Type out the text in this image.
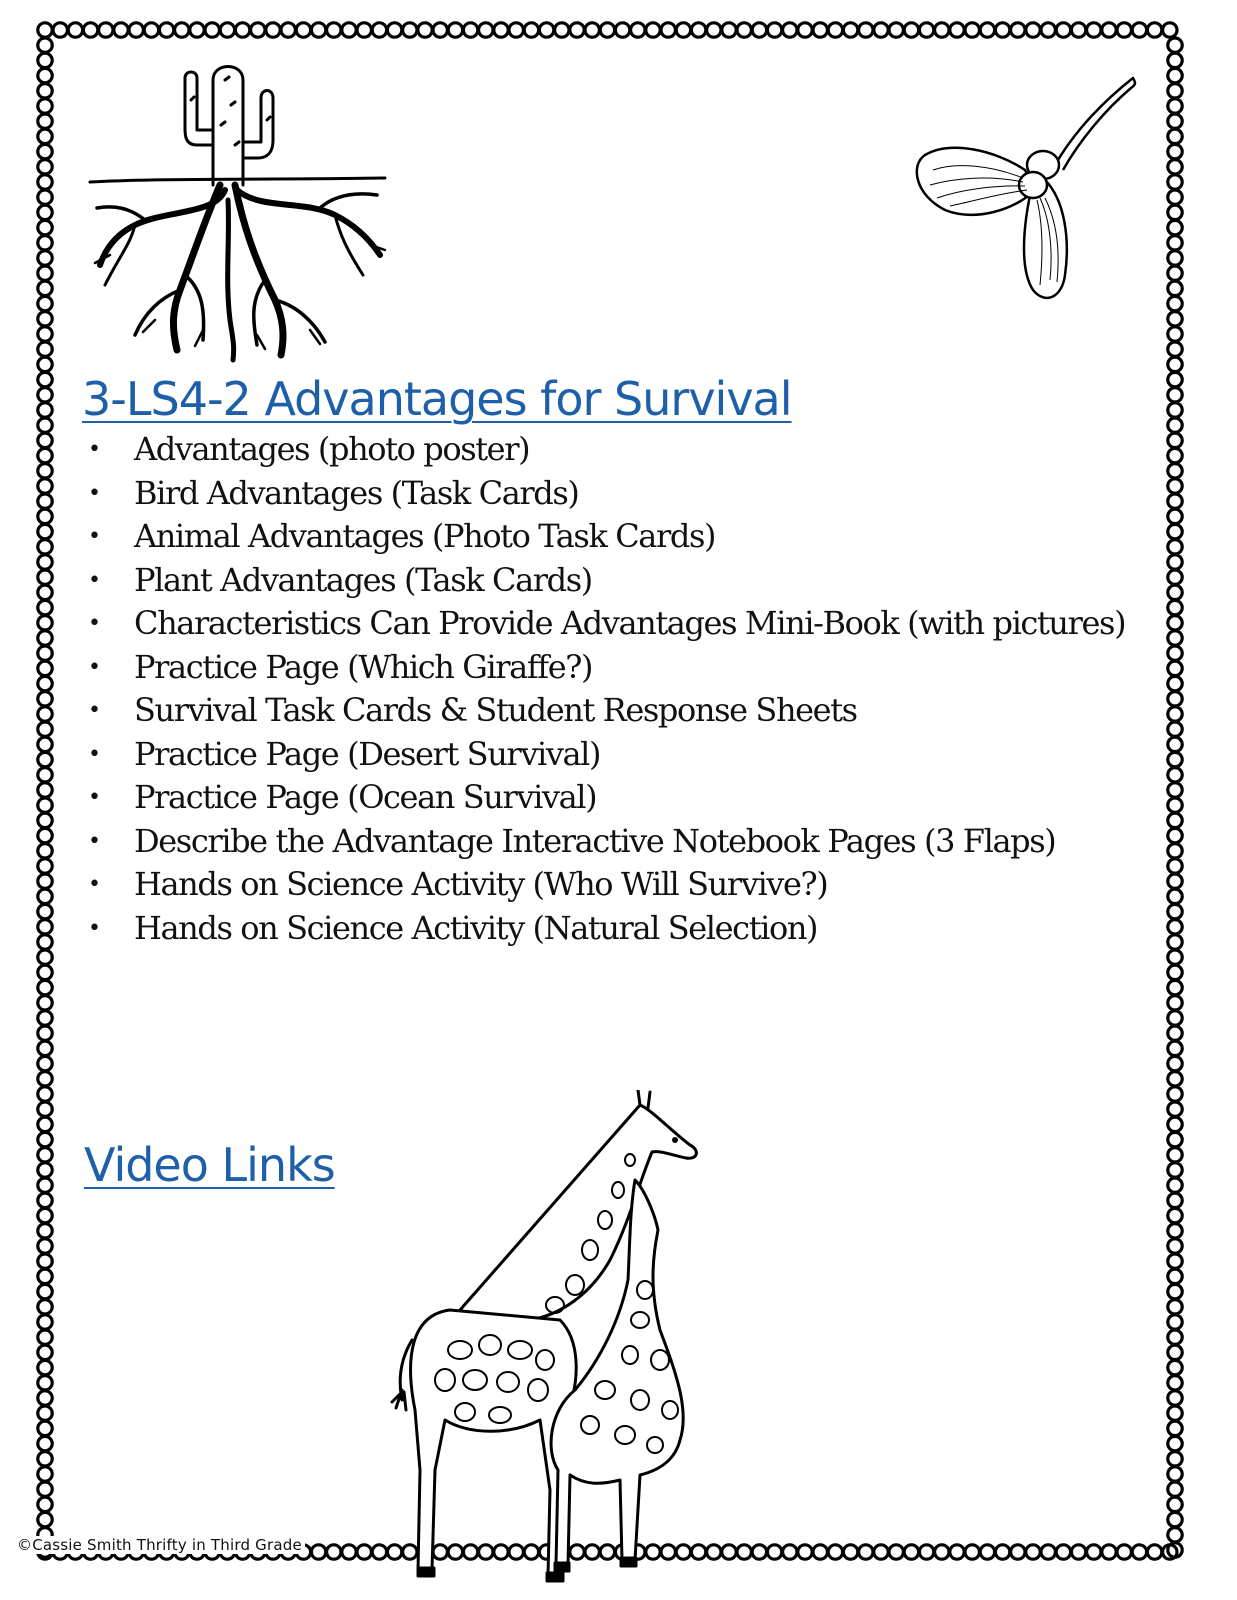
3-LS4-2 Advantages for Survival
• Advantages (photo poster)
• Bird Advantages (Task Cards)
• Animal Advantages (Photo Task Cards)
• Plant Advantages (Task Cards)
• Characteristics Can Provide Advantages Mini-Book (with pictures)
• Practice Page (Which Giraffe?)
• Survival Task Cards & Student Response Sheets
• Practice Page (Desert Survival)
• Practice Page (Ocean Survival)
• Describe the Advantage Interactive Notebook Pages (3 Flaps)
• Hands on Science Activity (Who Will Survive?)
• Hands on Science Activity (Natural Selection)
Video Links
©Cassie Smith Thrifty in Third Grade
